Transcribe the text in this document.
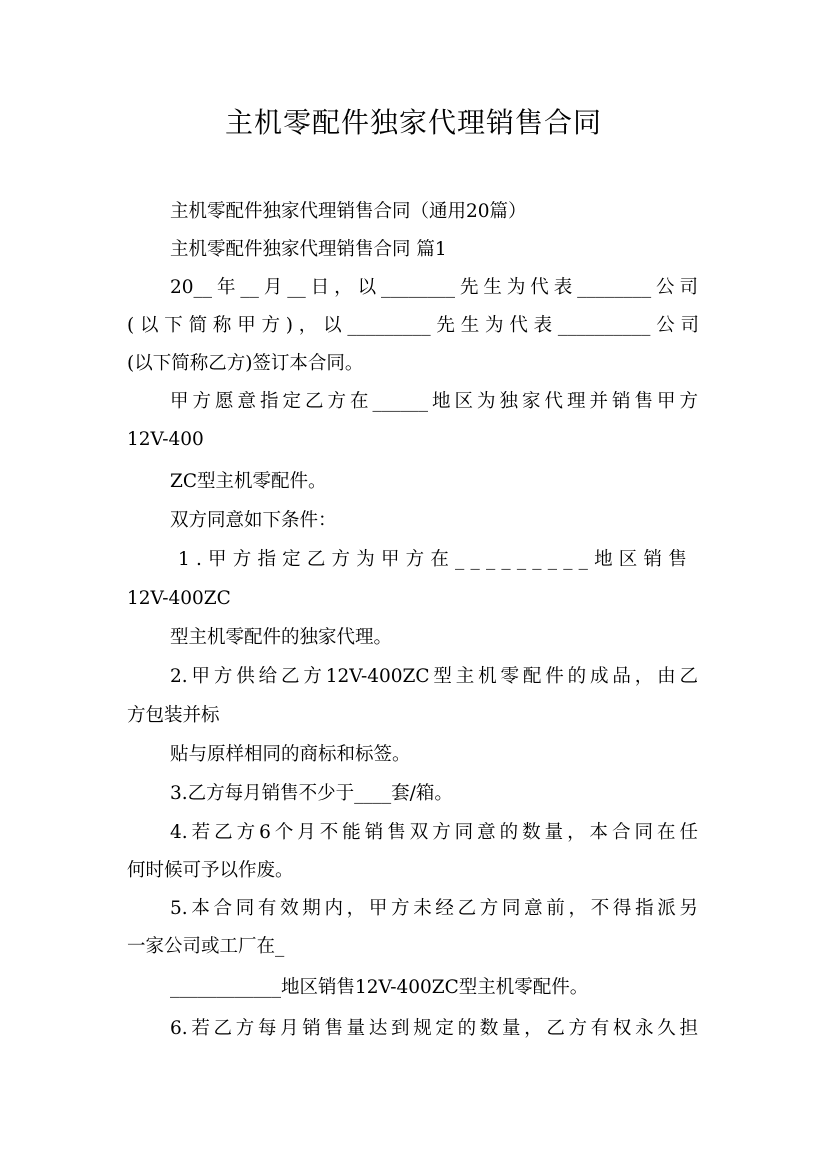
主机零配件独家代理销售合同
主机零配件独家代理销售合同（通用20篇）
主机零配件独家代理销售合同 篇1
20__年__月__日，以________先生为代表________公司
(以下简称甲方)，以_________先生为代表__________公司
(以下简称乙方)签订本合同。
甲方愿意指定乙方在______地区为独家代理并销售甲方
12V-400
ZC型主机零配件。
双方同意如下条件：
1.甲方指定乙方为甲方在_________地区销售
12V-400ZC
型主机零配件的独家代理。
2.甲方供给乙方12V-400ZC型主机零配件的成品，由乙
方包装并标
贴与原样相同的商标和标签。
3.乙方每月销售不少于____套/箱。
4.若乙方6个月不能销售双方同意的数量，本合同在任
何时候可予以作废。
5.本合同有效期内，甲方未经乙方同意前，不得指派另
一家公司或工厂在_
____________地区销售12V-400ZC型主机零配件。
6.若乙方每月销售量达到规定的数量，乙方有权永久担
